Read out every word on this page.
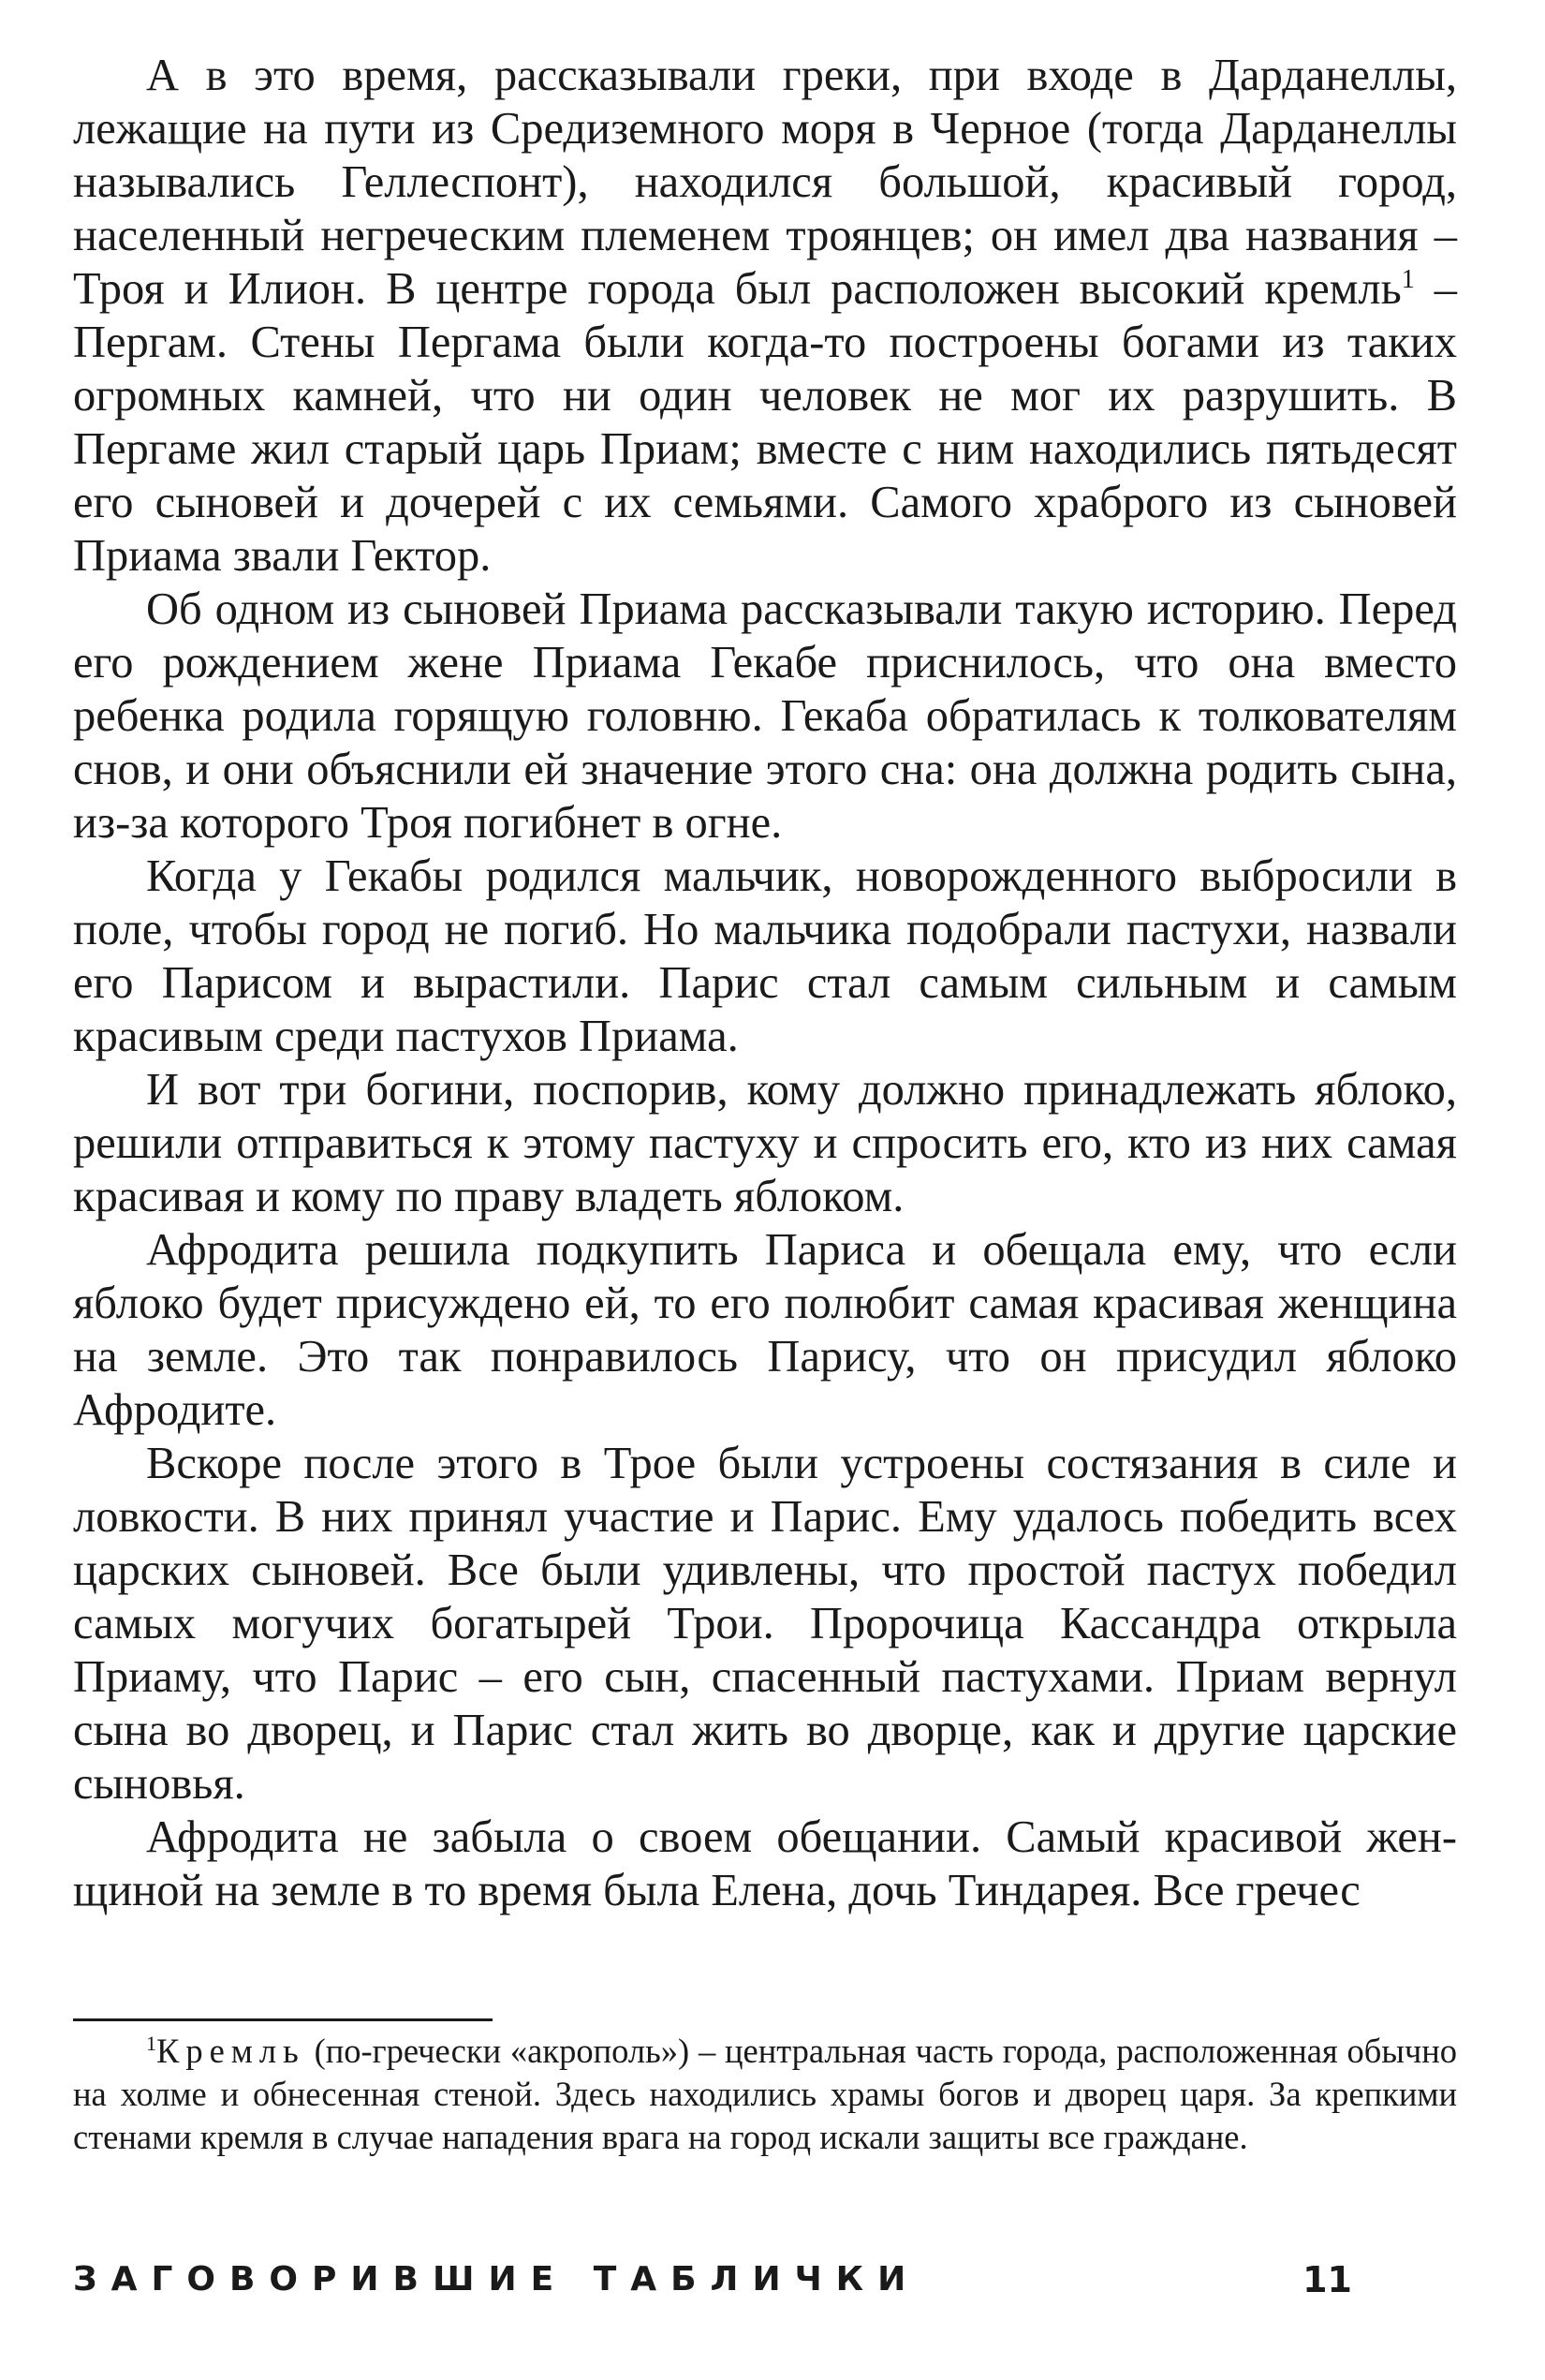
А в это время, рассказывали греки, при входе в Дарданеллы, лежащие на пути из Средиземного моря в Черное (тогда Дарданеллы назывались Геллеспонт), находился большой, красивый город, населенный негреческим племенем троянцев; он имел два названия – Троя и Илион. В центре города был расположен высокий кремль$^1$ – Пергам. Стены Пергама были когда-то построены богами из таких огромных камней, что ни один человек не мог их разрушить. В Пергаме жил старый царь Приам; вместе с ним находились пятьдесят его сыновей и дочерей с их семьями. Самого храброго из сыновей Приама звали Гектор.

Об одном из сыновей Приама рассказывали такую историю. Перед его рождением жене Приама Гекабе приснилось, что она вместо ребенка родила горящую головню. Гекаба обратилась к толкователям снов, и они объяснили ей значение этого сна: она должна родить сына, из-за которого Троя погибнет в огне.

Когда у Гекабы родился мальчик, новорожденного выбросили в поле, чтобы город не погиб. Но мальчика подобрали пастухи, назвали его Парисом и вырастили. Парис стал самым сильным и самым красивым среди пастухов Приама.

И вот три богини, поспорив, кому должно принадлежать яблоко, решили отправиться к этому пастуху и спросить его, кто из них самая красивая и кому по праву владеть яблоком.

Афродита решила подкупить Париса и обещала ему, что если яблоко будет присуждено ей, то его полюбит самая красивая женщина на земле. Это так понравилось Парису, что он присудил яблоко Афродите.

Вскоре после этого в Трое были устроены состязания в силе и ловкости. В них принял участие и Парис. Ему удалось победить всех царских сыновей. Все были удивлены, что простой пастух победил самых могучих богатырей Трои. Пророчица Кассандра открыла Приаму, что Парис – его сын, спасенный пастухами. Приам вернул сына во дворец, и Парис стал жить во дворце, как и другие царские сыновья.

Афродита не забыла о своем обещании. Самый красивой женщиной на земле в то время была Елена, дочь Тиндарея. Все гречес

$^1$Кремль (по-гречески «акрополь») – центральная часть города, расположенная обычно на холме и обнесенная стеной. Здесь находились храмы богов и дворец царя. За крепкими стенами кремля в случае нападения врага на город искали защиты все граждане.

ЗАГОВОРИВШИЕ ТАБЛИЧКИ	11
